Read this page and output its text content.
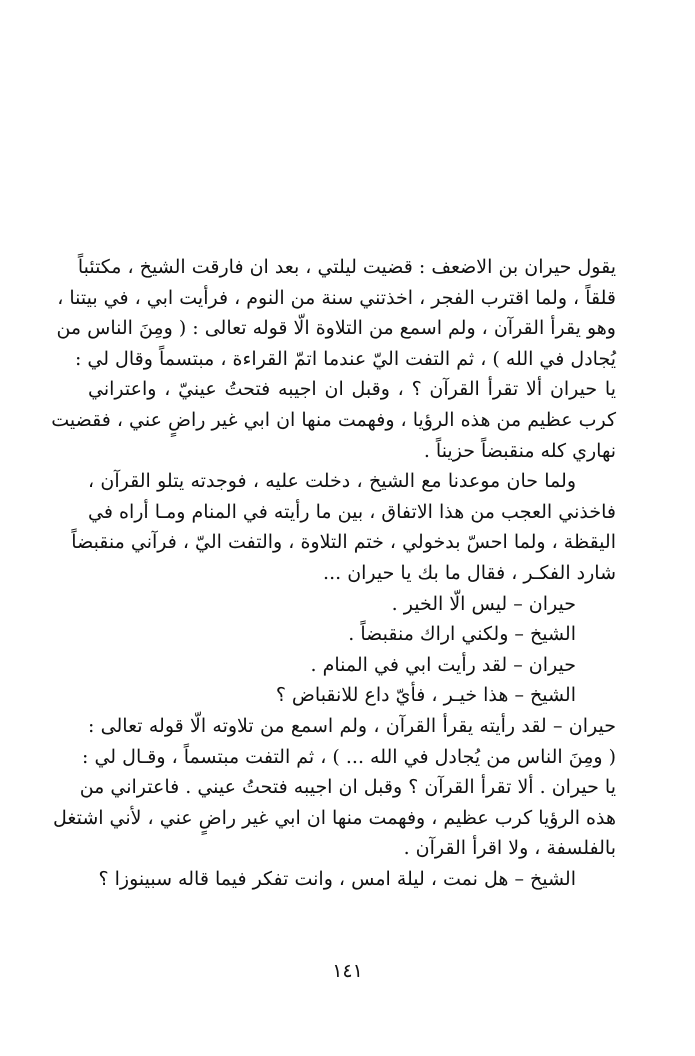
يقول حيران بن الاضعف : قضيت ليلتي ، بعد ان فارقت الشيخ ، مكتئباً
قلقاً ، ولما اقترب الفجر ، اخذتني سنة من النوم ، فرأيت ابي ، في بيتنا ،
وهو يقرأ القرآن ، ولم اسمع من التلاوة الّا قوله تعالى : ( ومِنَ الناس من
يُجادل في الله ) ، ثم التفت اليّ عندما اتمّ القراءة ، مبتسماً وقال لي :
يا حيران ألا تقرأ القرآن ؟ ، وقبل ان اجيبه فتحتُ عينيّ ، واعتراني
كرب عظيم من هذه الرؤيا ، وفهمت منها ان ابي غير راضٍ عني ، فقضيت
نهاري كله منقبضاً حزيناً .
ولما حان موعدنا مع الشيخ ، دخلت عليه ، فوجدته يتلو القرآن ،
فاخذني العجب من هذا الاتفاق ، بين ما رأيته في المنام ومـا أراه في
اليقظة ، ولما احسّ بدخولي ، ختم التلاوة ، والتفت اليّ ، فرآني منقبضاً
شارد الفكـر ، فقال ما بك يا حيران ...
حيران – ليس الّا الخير .
الشيخ – ولكني اراك منقبضاً .
حيران – لقد رأيت ابي في المنام .
الشيخ – هذا خيـر ، فأيّ داع للانقباض ؟
حيران – لقد رأيته يقرأ القرآن ، ولم اسمع من تلاوته الّا قوله تعالى :
( ومِنَ الناس من يُجادل في الله ... ) ، ثم التفت مبتسماً ، وقـال لي :
يا حيران . ألا تقرأ القرآن ؟ وقبل ان اجيبه فتحتُ عيني . فاعتراني من
هذه الرؤيا كرب عظيم ، وفهمت منها ان ابي غير راضٍ عني ، لأني اشتغل
بالفلسفة ، ولا اقرأ القرآن .
الشيخ – هل نمت ، ليلة امس ، وانت تفكر فيما قاله سبينوزا ؟
١٤١
